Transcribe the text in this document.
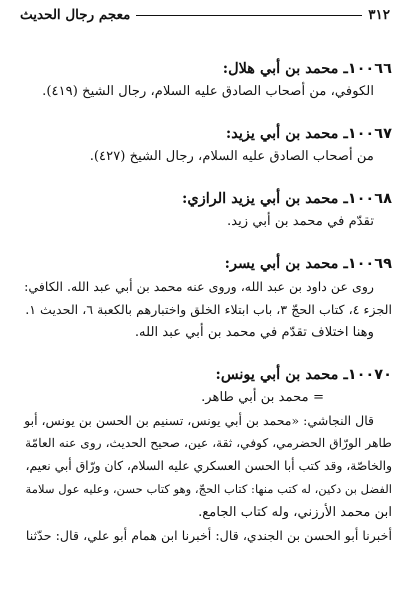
٣١٢
معجم رجال الحديث
١٠٠٦٦ـ محمد بن أبي هلال:
الكوفي، من أصحاب الصادق عليه السلام، رجال الشيخ (٤١٩).
١٠٠٦٧ـ محمد بن أبي يزيد:
من أصحاب الصادق عليه السلام، رجال الشيخ (٤٢٧).
١٠٠٦٨ـ محمد بن أبي يزيد الرازي:
تقدّم في محمد بن أبي زيد.
١٠٠٦٩ـ محمد بن أبي يسر:
روى عن داود بن عبد الله، وروى عنه محمد بن أبي عبد الله. الكافي:
الجزء ٤، كتاب الحجّ ٣، باب ابتلاء الخلق واختبارهم بالكعبة ٦، الحديث ١.
وهنا اختلاف تقدّم في محمد بن أبي عبد الله.
١٠٠٧٠ـ محمد بن أبي يونس:
= محمد بن أبي طاهر.
قال النجاشي: «محمد بن أبي يونس، تسنيم بن الحسن بن يونس، أبو
طاهر الورّاق الحضرمي، كوفي، ثقة، عين، صحيح الحديث، روى عنه العامّة
والخاصّة، وقد كتب أبا الحسن العسكري عليه السلام، كان ورّاق أبي نعيم،
الفضل بن دكين، له كتب منها: كتاب الحجّ، وهو كتاب حسن، وعليه عول سلامة
ابن محمد الأرزني، وله كتاب الجامع.
أخبرنا أبو الحسن بن الجندي، قال: أخبرنا ابن همام أبو علي، قال: حدّثنا
